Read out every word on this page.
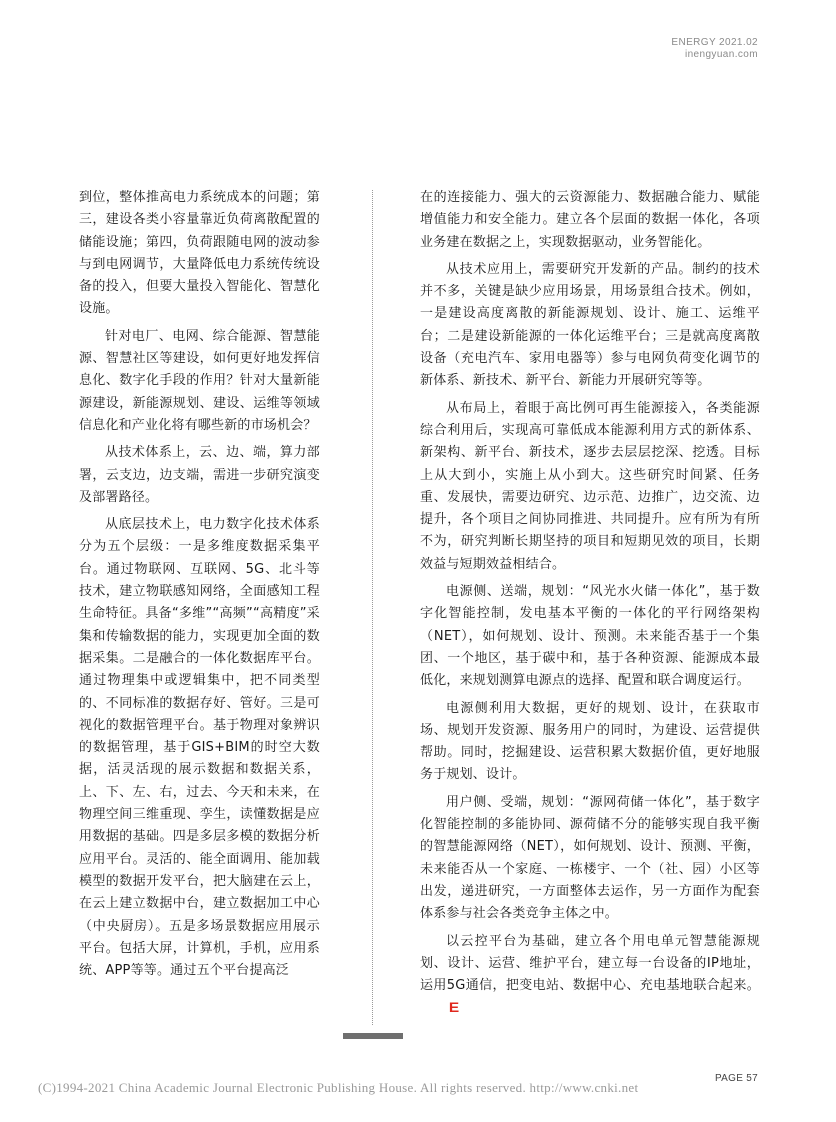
ENERGY 2021.02
inengyuan.com

到位，整体推高电力系统成本的问题；第三，建设各类小容量靠近负荷离散配置的储能设施；第四，负荷跟随电网的波动参与到电网调节，大量降低电力系统传统设备的投入，但要大量投入智能化、智慧化设施。

针对电厂、电网、综合能源、智慧能源、智慧社区等建设，如何更好地发挥信息化、数字化手段的作用？针对大量新能源建设，新能源规划、建设、运维等领域信息化和产业化将有哪些新的市场机会？

从技术体系上，云、边、端，算力部署，云支边，边支端，需进一步研究演变及部署路径。

从底层技术上，电力数字化技术体系分为五个层级：一是多维度数据采集平台。通过物联网、互联网、5G、北斗等技术，建立物联感知网络，全面感知工程生命特征。具备“多维”“高频”“高精度”采集和传输数据的能力，实现更加全面的数据采集。二是融合的一体化数据库平台。通过物理集中或逻辑集中，把不同类型的、不同标准的数据存好、管好。三是可视化的数据管理平台。基于物理对象辨识的数据管理，基于GIS+BIM的时空大数据，活灵活现的展示数据和数据关系，上、下、左、右，过去、今天和未来，在物理空间三维重现、孪生，读懂数据是应用数据的基础。四是多层多模的数据分析应用平台。灵活的、能全面调用、能加载模型的数据开发平台，把大脑建在云上，在云上建立数据中台，建立数据加工中心（中央厨房）。五是多场景数据应用展示平台。包括大屏，计算机，手机，应用系统、APP等等。通过五个平台提高泛

在的连接能力、强大的云资源能力、数据融合能力、赋能增值能力和安全能力。建立各个层面的数据一体化，各项业务建在数据之上，实现数据驱动，业务智能化。

从技术应用上，需要研究开发新的产品。制约的技术并不多，关键是缺少应用场景，用场景组合技术。例如，一是建设高度离散的新能源规划、设计、施工、运维平台；二是建设新能源的一体化运维平台；三是就高度离散设备（充电汽车、家用电器等）参与电网负荷变化调节的新体系、新技术、新平台、新能力开展研究等等。

从布局上，着眼于高比例可再生能源接入，各类能源综合利用后，实现高可靠低成本能源利用方式的新体系、新架构、新平台、新技术，逐步去层层挖深、挖透。目标上从大到小，实施上从小到大。这些研究时间紧、任务重、发展快，需要边研究、边示范、边推广，边交流、边提升，各个项目之间协同推进、共同提升。应有所为有所不为，研究判断长期坚持的项目和短期见效的项目，长期效益与短期效益相结合。

电源侧、送端，规划：“风光水火储一体化”，基于数字化智能控制，发电基本平衡的一体化的平行网络架构（NET），如何规划、设计、预测。未来能否基于一个集团、一个地区，基于碳中和，基于各种资源、能源成本最低化，来规划测算电源点的选择、配置和联合调度运行。

电源侧利用大数据，更好的规划、设计，在获取市场、规划开发资源、服务用户的同时，为建设、运营提供帮助。同时，挖掘建设、运营积累大数据价值，更好地服务于规划、设计。

用户侧、受端，规划：“源网荷储一体化”，基于数字化智能控制的多能协同、源荷储不分的能够实现自我平衡的智慧能源网络（NET），如何规划、设计、预测、平衡，未来能否从一个家庭、一栋楼宇、一个（社、园）小区等出发，递进研究，一方面整体去运作，另一方面作为配套体系参与社会各类竞争主体之中。

以云控平台为基础，建立各个用电单元智慧能源规划、设计、运营、维护平台，建立每一台设备的IP地址，运用5G通信，把变电站、数据中心、充电基地联合起来。E

(C)1994-2021 China Academic Journal Electronic Publishing House. All rights reserved. http://www.cnki.net
PAGE 57
